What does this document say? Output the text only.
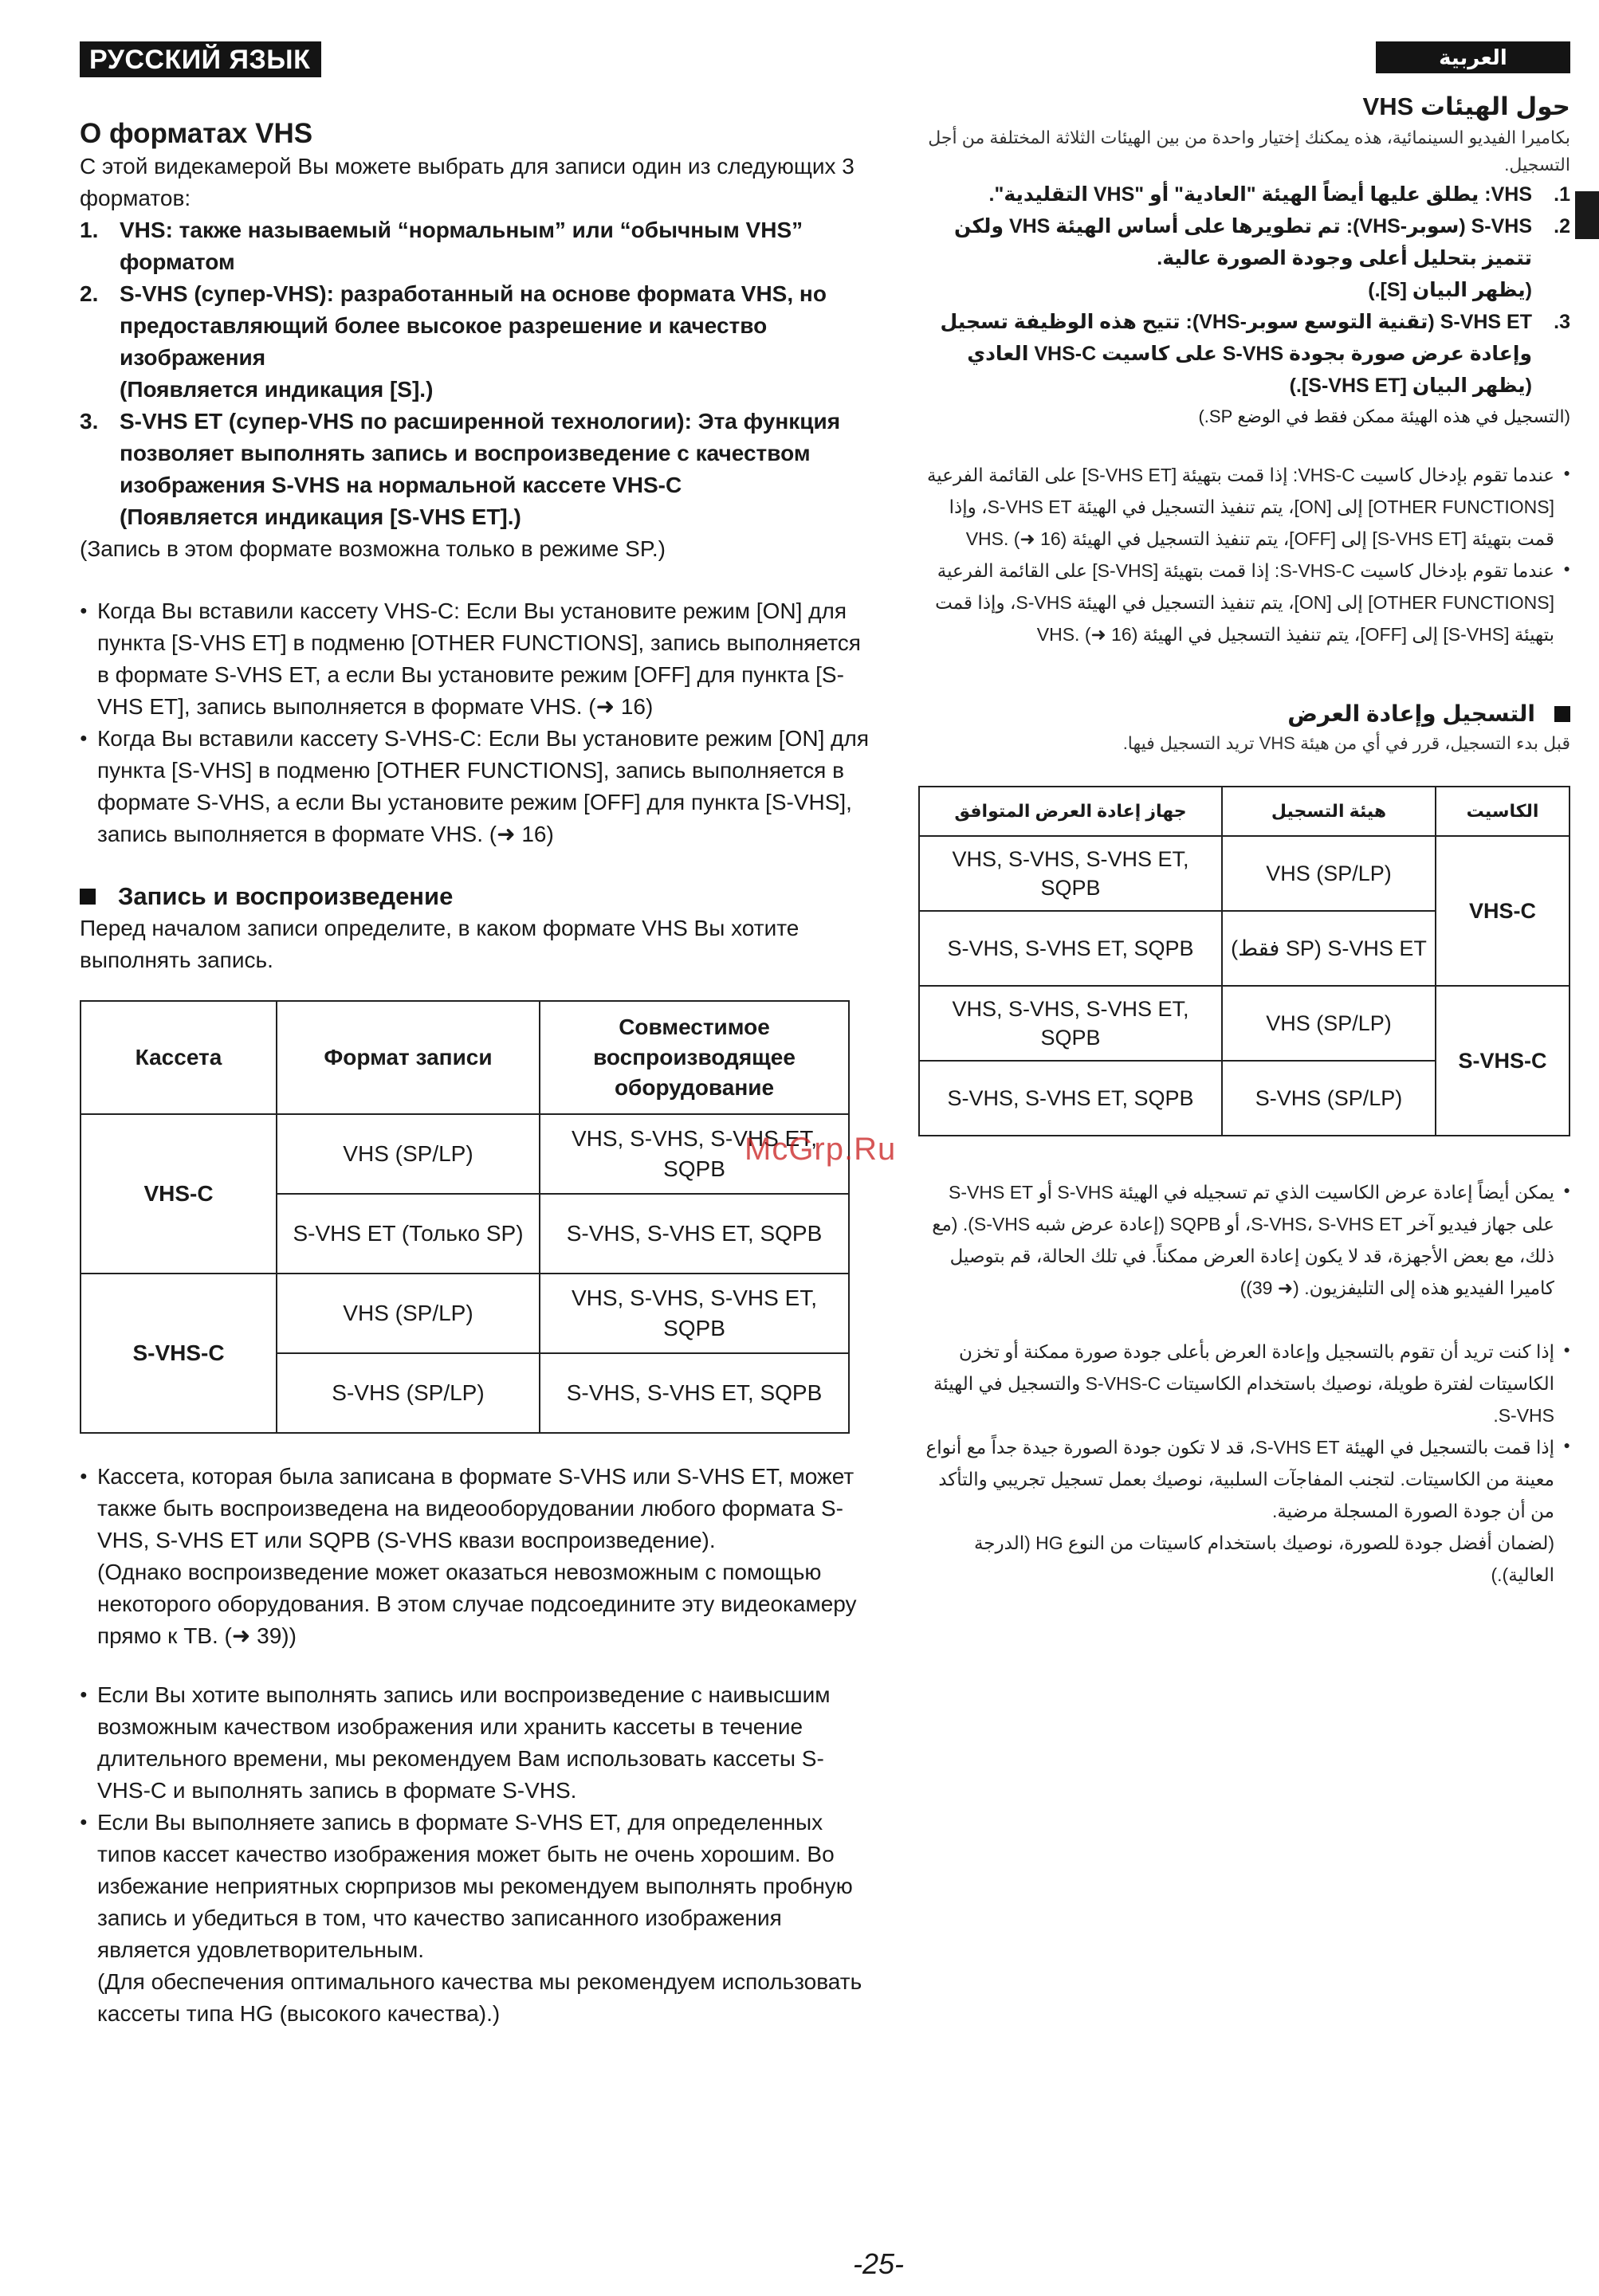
РУССКИЙ ЯЗЫК
О форматах VHS
С этой видекамерой Вы можете выбрать для записи один из следующих 3 форматов:
1. VHS: также называемый “нормальным” или “обычным VHS” форматом
2. S-VHS (супер-VHS): разработанный на основе формата VHS, но предоставляющий более высокое разрешение и качество изображения
(Появляется индикация [S].)
3. S-VHS ET (супер-VHS по расширенной технологии): Эта функция позволяет выполнять запись и воспроизведение с качеством изображения S-VHS на нормальной кассете VHS-C
(Появляется индикация [S-VHS ET].)
(Запись в этом формате возможна только в режиме SP.)
● Когда Вы вставили кассету VHS-C: Если Вы установите режим [ON] для пункта [S-VHS ET] в подменю [OTHER FUNCTIONS], запись выполняется в формате S-VHS ET, а если Вы установите режим [OFF] для пункта [S-VHS ET], запись выполняется в формате VHS. (➜ 16)
● Когда Вы вставили кассету S-VHS-C: Если Вы установите режим [ON] для пункта [S-VHS] в подменю [OTHER FUNCTIONS], запись выполняется в формате S-VHS, а если Вы установите режим [OFF] для пункта [S-VHS], запись выполняется в формате VHS. (➜ 16)
Запись и воспроизведение
Перед началом записи определите, в каком формате VHS Вы хотите выполнять запись.
Кассета	Формат записи	Совместимое воспроизводящее оборудование
VHS-C	VHS (SP/LP)	VHS, S-VHS, S-VHS ET, SQPB
	S-VHS ET (Только SP)	S-VHS, S-VHS ET, SQPB
S-VHS-C	VHS (SP/LP)	VHS, S-VHS, S-VHS ET, SQPB
	S-VHS (SP/LP)	S-VHS, S-VHS ET, SQPB
● Кассета, которая была записана в формате S-VHS или S-VHS ET, может также быть воспроизведена на видеооборудовании любого формата S-VHS, S-VHS ET или SQPB (S-VHS квази воспроизведение).
(Однако воспроизведение может оказаться невозможным с помощью некоторого оборудования. В этом случае подсоедините эту видеокамеру прямо к ТВ. (➜ 39))
● Если Вы хотите выполнять запись или воспроизведение с наивысшим возможным качеством изображения или хранить кассеты в течение длительного времени, мы рекомендуем Вам использовать кассеты S-VHS-C и выполнять запись в формате S-VHS.
● Если Вы выполняете запись в формате S-VHS ET, для определенных типов кассет качество изображения может быть не очень хорошим. Во избежание неприятных сюрпризов мы рекомендуем выполнять пробную запись и убедиться в том, что качество записанного изображения является удовлетворительным.
(Для обеспечения оптимального качества мы рекомендуем использовать кассеты типа HG (высокого качества).)
العربية
حول الهيئات VHS
بكاميرا الفيديو السينمائية، هذه يمكنك إختيار واحدة من بين الهيئات الثلاثة المختلفة من أجل التسجيل.
1.
VHS: يطلق عليها أيضاً الهيئة "العادية" أو "VHS التقليدية".
2.
S-VHS (سوبر-VHS): تم تطويرها على أساس الهيئة VHS ولكن تتميز بتحليل أعلى وجودة الصورة عالية.
(يظهر البيان [S].)
3.
S-VHS ET (تقنية التوسع سوبر-VHS): تتيح هذه الوظيفة تسجيل وإعادة عرض صورة بجودة S-VHS على كاسيت VHS-C العادي
(يظهر البيان [S-VHS ET].)
(التسجيل في هذه الهيئة ممكن فقط في الوضع SP.)
● عندما تقوم بإدخال كاسيت VHS-C: إذا قمت بتهيئة [S-VHS ET] على القائمة الفرعية [OTHER FUNCTIONS] إلى [ON]، يتم تنفيذ التسجيل في الهيئة S-VHS ET، وإذا قمت بتهيئة [S-VHS ET] إلى [OFF]، يتم تنفيذ التسجيل في الهيئة VHS. (➜ 16)
● عندما تقوم بإدخال كاسيت S-VHS-C: إذا قمت بتهيئة [S-VHS] على القائمة الفرعية [OTHER FUNCTIONS] إلى [ON]، يتم تنفيذ التسجيل في الهيئة S-VHS، وإذا قمت بتهيئة [S-VHS] إلى [OFF]، يتم تنفيذ التسجيل في الهيئة VHS. (➜ 16)
التسجيل وإعادة العرض
قبل بدء التسجيل، قرر في أي من هيئة VHS تريد التسجيل فيها.
الكاسيت	هيئة التسجيل	جهاز إعادة العرض المتوافق
VHS-C	VHS (SP/LP)	VHS, S-VHS, S-VHS ET, SQPB
	S-VHS ET (SP فقط)	S-VHS, S-VHS ET, SQPB
S-VHS-C	VHS (SP/LP)	VHS, S-VHS, S-VHS ET, SQPB
	S-VHS (SP/LP)	S-VHS, S-VHS ET, SQPB
● يمكن أيضاً إعادة عرض الكاسيت الذي تم تسجيله في الهيئة S-VHS أو S-VHS ET على جهاز فيديو آخر S-VHS، S-VHS ET، أو SQPB (إعادة عرض شبه S-VHS). (مع ذلك، مع بعض الأجهزة، قد لا يكون إعادة العرض ممكناً. في تلك الحالة، قم بتوصيل كاميرا الفيديو هذه إلى التليفزيون. (➜ 39))
● إذا كنت تريد أن تقوم بالتسجيل وإعادة العرض بأعلى جودة صورة ممكنة أو تخزن الكاسيتات لفترة طويلة، نوصيك باستخدام الكاسيتات S-VHS-C والتسجيل في الهيئة S-VHS.
● إذا قمت بالتسجيل في الهيئة S-VHS ET، قد لا تكون جودة الصورة جيدة جداً مع أنواع معينة من الكاسيتات. لتجنب المفاجآت السلبية، نوصيك بعمل تسجيل تجريبي والتأكد من أن جودة الصورة المسجلة مرضية.
(لضمان أفضل جودة للصورة، نوصيك باستخدام كاسيتات من النوع HG (الدرجة العالية).)
McGrp.Ru
-25-
